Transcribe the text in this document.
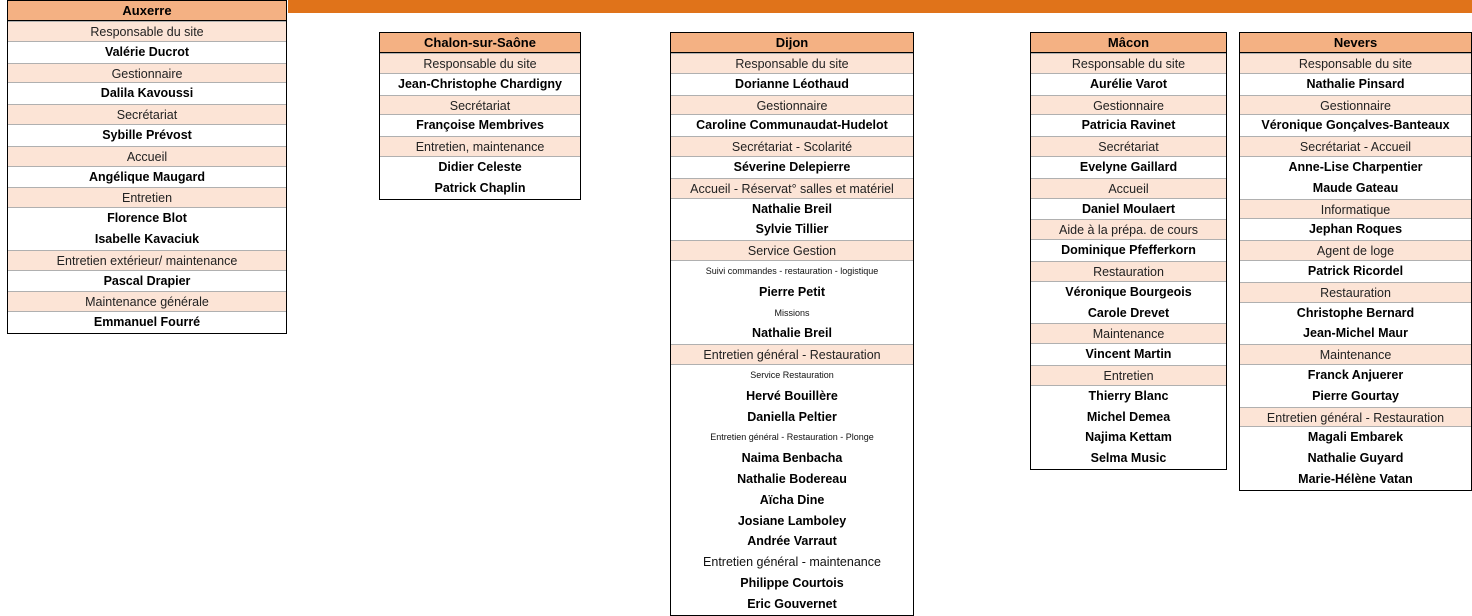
Auxerre
Responsable du site
Valérie Ducrot
Gestionnaire
Dalila Kavoussi
Secrétariat
Sybille Prévost
Accueil
Angélique Maugard
Entretien
Florence Blot
Isabelle Kavaciuk
Entretien extérieur/ maintenance
Pascal Drapier
Maintenance générale
Emmanuel Fourré
Chalon-sur-Saône
Responsable du site
Jean-Christophe Chardigny
Secrétariat
Françoise Membrives
Entretien, maintenance
Didier Celeste
Patrick Chaplin
Dijon
Responsable du site
Dorianne Léothaud
Gestionnaire
Caroline Communaudat-Hudelot
Secrétariat - Scolarité
Séverine Delepierre
Accueil - Réservat° salles et matériel
Nathalie Breil
Sylvie Tillier
Service Gestion
Suivi commandes - restauration - logistique
Pierre Petit
Missions
Nathalie Breil
Entretien général - Restauration
Service Restauration
Hervé Bouillère
Daniella Peltier
Entretien général - Restauration - Plonge
Naima Benbacha
Nathalie Bodereau
Aïcha Dine
Josiane Lamboley
Andrée Varraut
Entretien général - maintenance
Philippe Courtois
Eric Gouvernet
Mâcon
Responsable du site
Aurélie Varot
Gestionnaire
Patricia Ravinet
Secrétariat
Evelyne Gaillard
Accueil
Daniel Moulaert
Aide à la prépa. de cours
Dominique Pfefferkorn
Restauration
Véronique Bourgeois
Carole Drevet
Maintenance
Vincent Martin
Entretien
Thierry Blanc
Michel Demea
Najima Kettam
Selma Music
Nevers
Responsable du site
Nathalie Pinsard
Gestionnaire
Véronique Gonçalves-Banteaux
Secrétariat - Accueil
Anne-Lise Charpentier
Maude Gateau
Informatique
Jephan Roques
Agent de loge
Patrick Ricordel
Restauration
Christophe Bernard
Jean-Michel Maur
Maintenance
Franck Anjuerer
Pierre Gourtay
Entretien général - Restauration
Magali Embarek
Nathalie Guyard
Marie-Hélène Vatan
